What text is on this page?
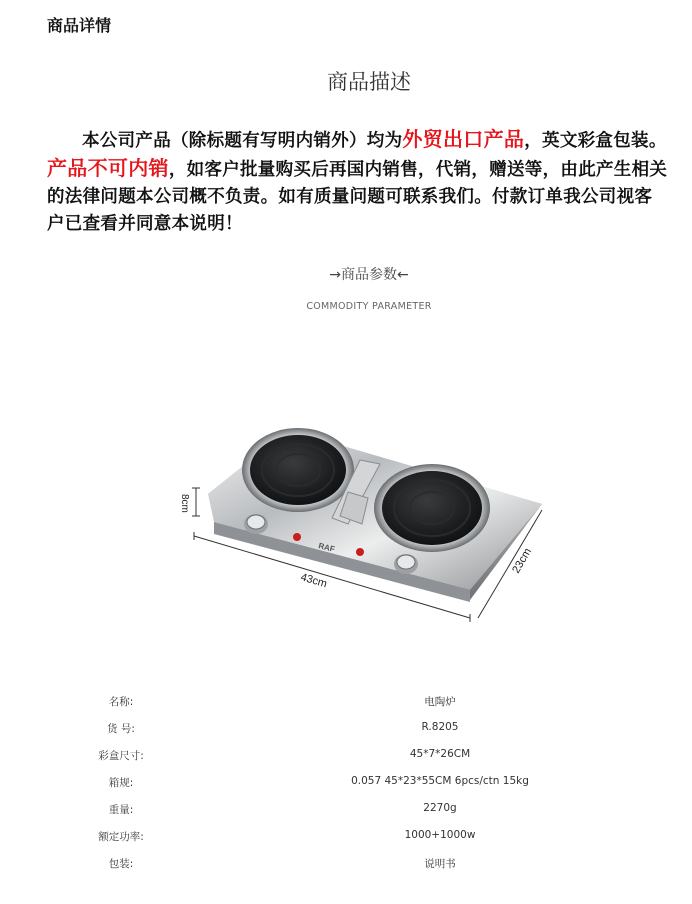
商品详情
商品描述
本公司产品（除标题有写明内销外）均为外贸出口产品，英文彩盒包装。产品不可内销，如客户批量购买后再国内销售，代销，赠送等，由此产生相关的法律问题本公司概不负责。如有质量问题可联系我们。付款订单我公司视客户已查看并同意本说明！
→商品参数←
COMMODITY PARAMETER
RAF
8cm
43cm
23cm
名称:	电陶炉
货 号:	R.8205
彩盒尺寸:	45*7*26CM
箱规:	0.057 45*23*55CM 6pcs/ctn 15kg
重量:	2270g
额定功率:	1000+1000w
包装:	说明书
